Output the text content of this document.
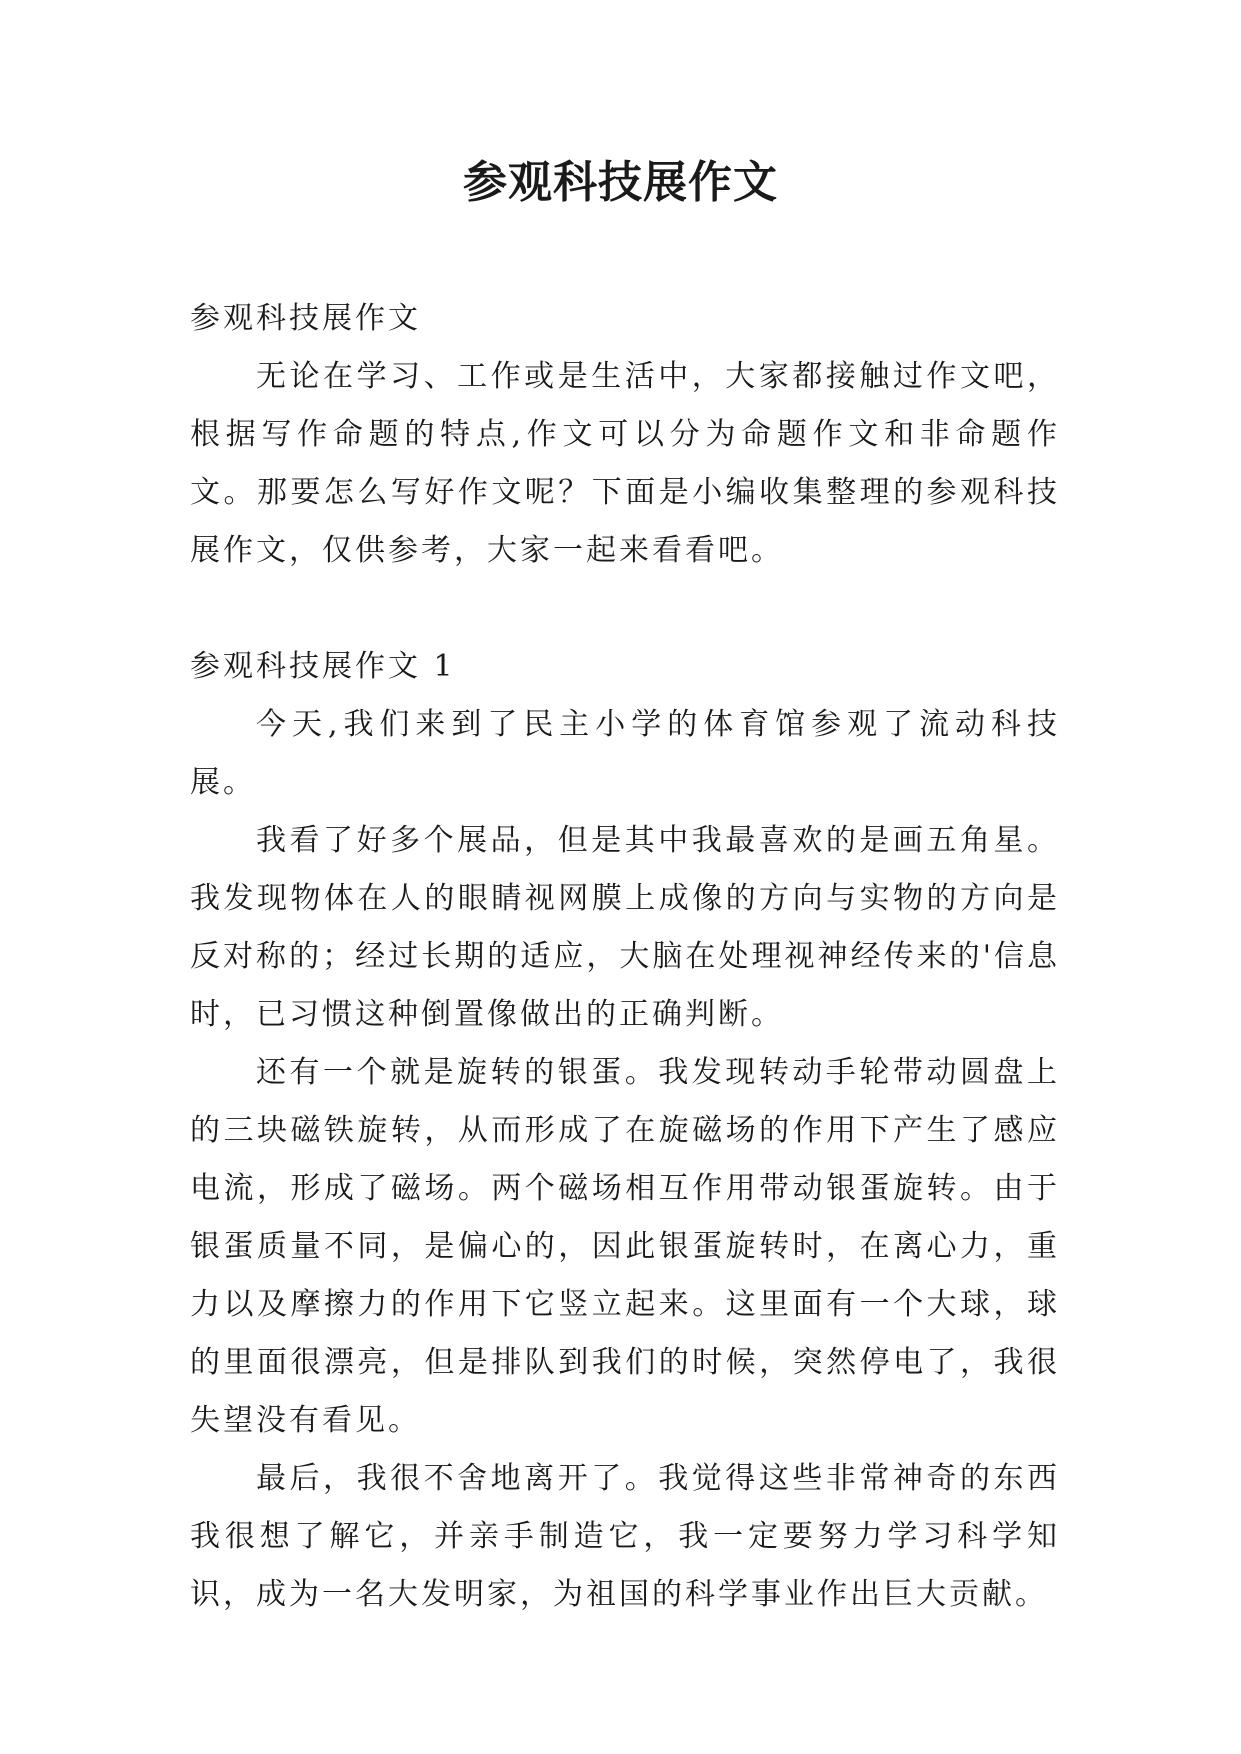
参观科技展作文

参观科技展作文

无论在学习、工作或是生活中，大家都接触过作文吧，根据写作命题的特点,作文可以分为命题作文和非命题作文。那要怎么写好作文呢？下面是小编收集整理的参观科技展作文，仅供参考，大家一起来看看吧。

参观科技展作文 1

今天,我们来到了民主小学的体育馆参观了流动科技展。

我看了好多个展品，但是其中我最喜欢的是画五角星。我发现物体在人的眼睛视网膜上成像的方向与实物的方向是反对称的；经过长期的适应，大脑在处理视神经传来的'信息时，已习惯这种倒置像做出的正确判断。

还有一个就是旋转的银蛋。我发现转动手轮带动圆盘上的三块磁铁旋转，从而形成了在旋磁场的作用下产生了感应电流，形成了磁场。两个磁场相互作用带动银蛋旋转。由于银蛋质量不同，是偏心的，因此银蛋旋转时，在离心力，重力以及摩擦力的作用下它竖立起来。这里面有一个大球，球的里面很漂亮，但是排队到我们的时候，突然停电了，我很失望没有看见。

最后，我很不舍地离开了。我觉得这些非常神奇的东西我很想了解它，并亲手制造它，我一定要努力学习科学知识，成为一名大发明家，为祖国的科学事业作出巨大贡献。
